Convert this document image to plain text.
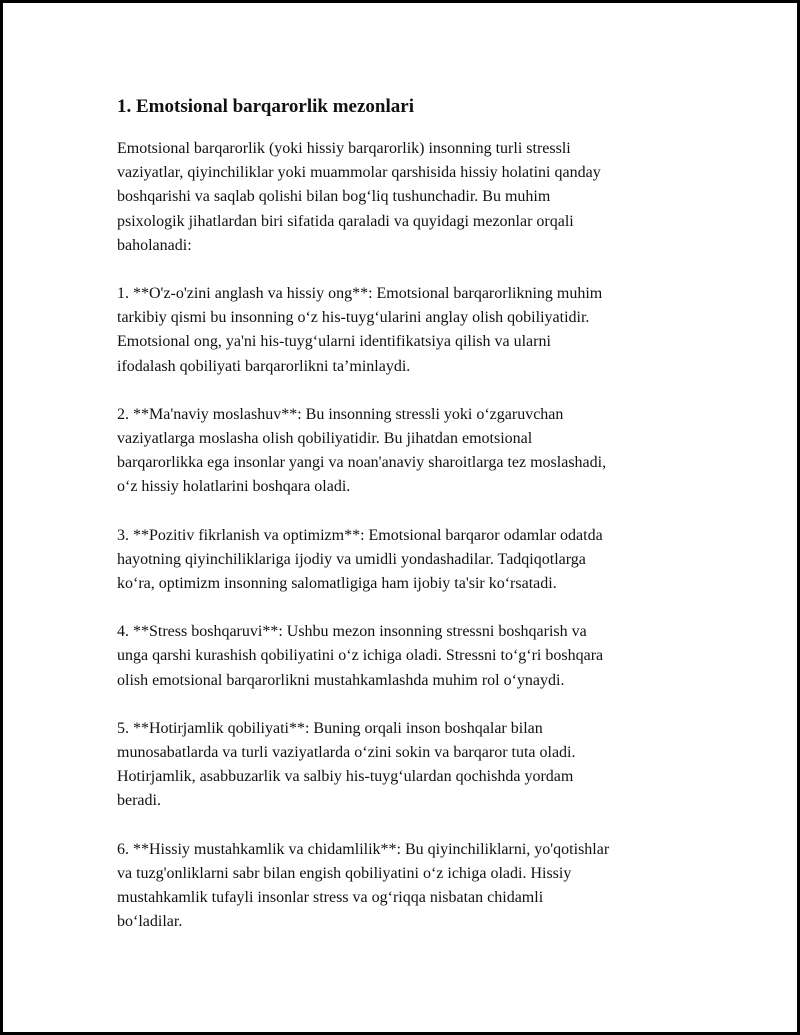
1. Emotsional barqarorlik mezonlari

Emotsional barqarorlik (yoki hissiy barqarorlik) insonning turli stressli
vaziyatlar, qiyinchiliklar yoki muammolar qarshisida hissiy holatini qanday
boshqarishi va saqlab qolishi bilan bog‘liq tushunchadir. Bu muhim
psixologik jihatlardan biri sifatida qaraladi va quyidagi mezonlar orqali
baholanadi:

1. **O'z-o'zini anglash va hissiy ong**: Emotsional barqarorlikning muhim
tarkibiy qismi bu insonning o‘z his-tuyg‘ularini anglay olish qobiliyatidir.
Emotsional ong, ya'ni his-tuyg‘ularni identifikatsiya qilish va ularni
ifodalash qobiliyati barqarorlikni ta’minlaydi.

2. **Ma'naviy moslashuv**: Bu insonning stressli yoki o‘zgaruvchan
vaziyatlarga moslasha olish qobiliyatidir. Bu jihatdan emotsional
barqarorlikka ega insonlar yangi va noan'anaviy sharoitlarga tez moslashadi,
o‘z hissiy holatlarini boshqara oladi.

3. **Pozitiv fikrlanish va optimizm**: Emotsional barqaror odamlar odatda
hayotning qiyinchiliklariga ijodiy va umidli yondashadilar. Tadqiqotlarga
ko‘ra, optimizm insonning salomatligiga ham ijobiy ta'sir ko‘rsatadi.

4. **Stress boshqaruvi**: Ushbu mezon insonning stressni boshqarish va
unga qarshi kurashish qobiliyatini o‘z ichiga oladi. Stressni to‘g‘ri boshqara
olish emotsional barqarorlikni mustahkamlashda muhim rol o‘ynaydi.

5. **Hotirjamlik qobiliyati**: Buning orqali inson boshqalar bilan
munosabatlarda va turli vaziyatlarda o‘zini sokin va barqaror tuta oladi.
Hotirjamlik, asabbuzarlik va salbiy his-tuyg‘ulardan qochishda yordam
beradi.

6. **Hissiy mustahkamlik va chidamlilik**: Bu qiyinchiliklarni, yo'qotishlar
va tuzg'onliklarni sabr bilan engish qobiliyatini o‘z ichiga oladi. Hissiy
mustahkamlik tufayli insonlar stress va og‘riqqa nisbatan chidamli
bo‘ladilar.
